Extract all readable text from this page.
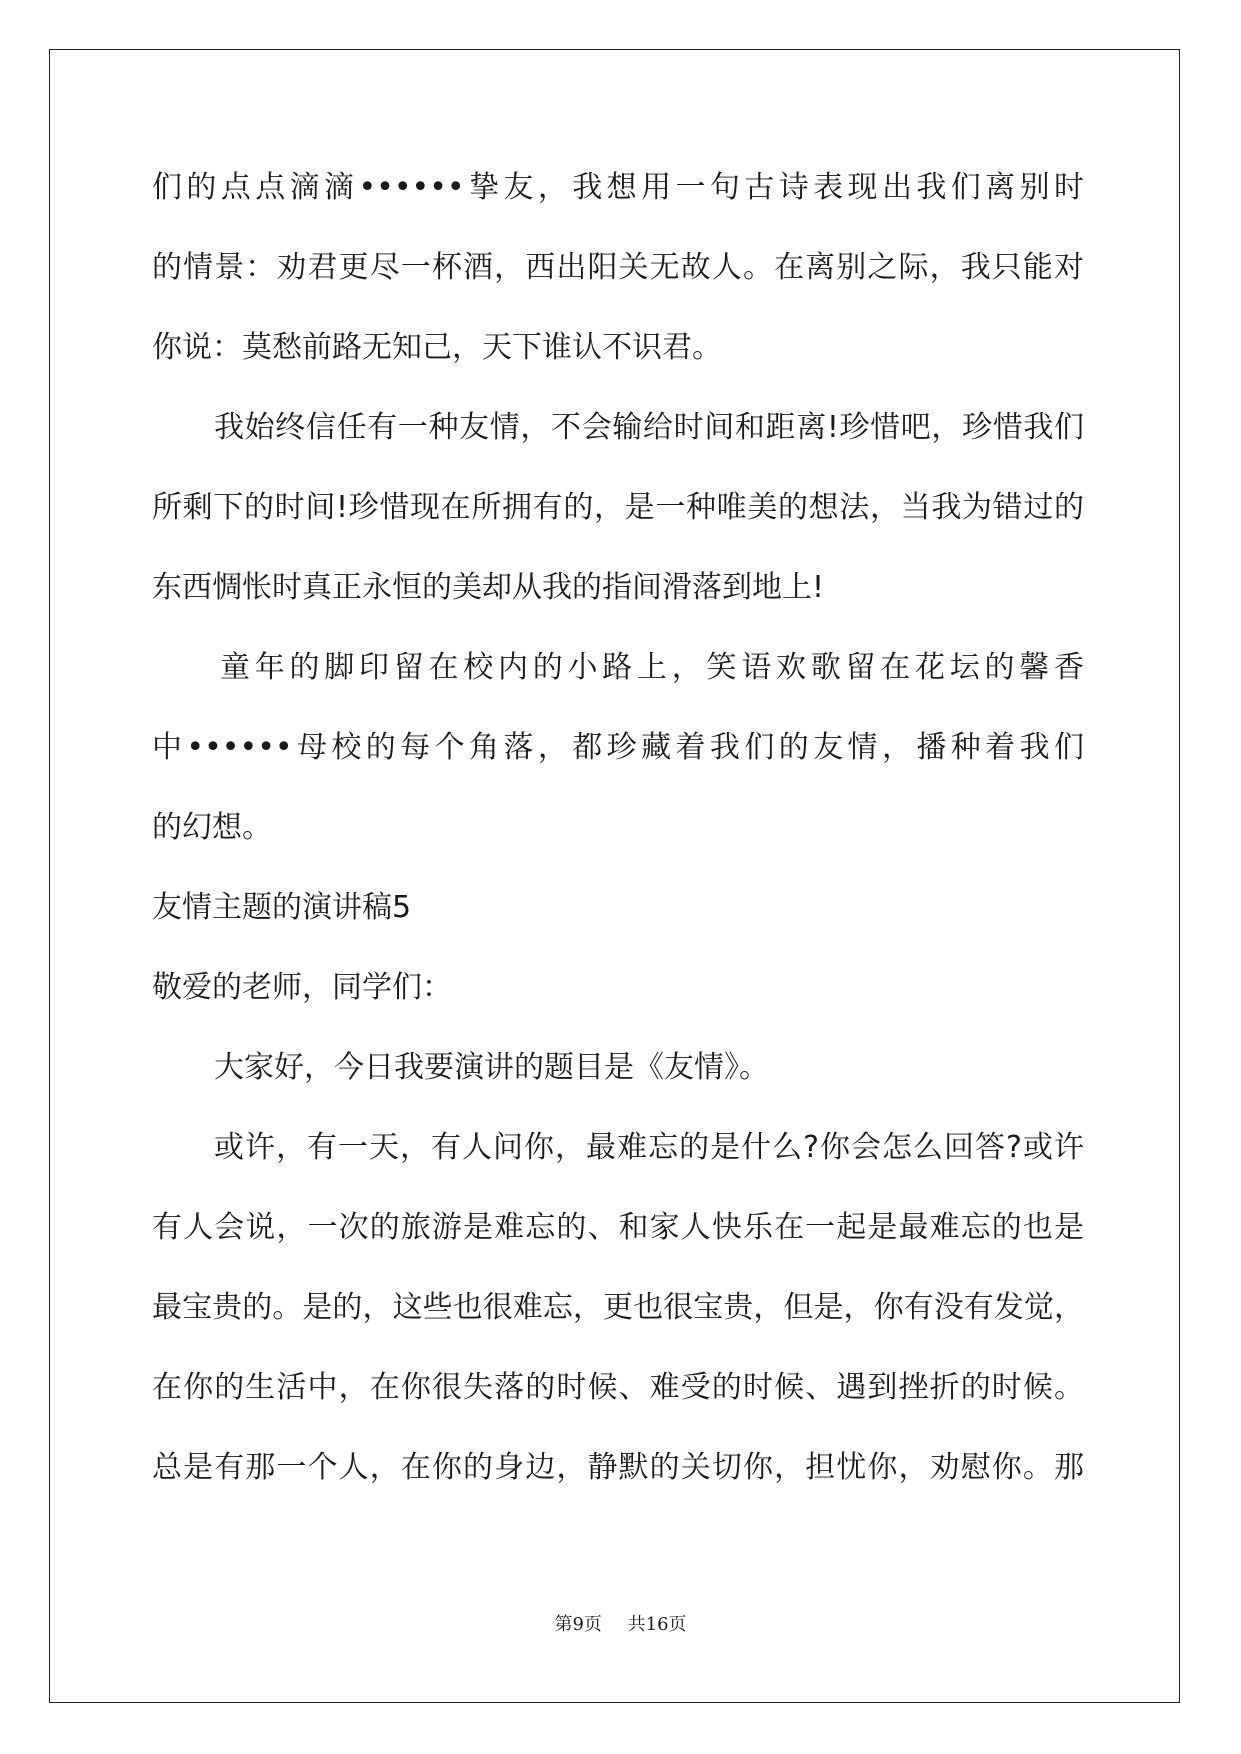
们的点点滴滴••••••挚友，我想用一句古诗表现出我们离别时
的情景：劝君更尽一杯酒，西出阳关无故人。在离别之际，我只能对
你说：莫愁前路无知己，天下谁认不识君。
我始终信任有一种友情，不会输给时间和距离!珍惜吧，珍惜我们
所剩下的时间!珍惜现在所拥有的，是一种唯美的想法，当我为错过的
东西惆怅时真正永恒的美却从我的指间滑落到地上!
童年的脚印留在校内的小路上，笑语欢歌留在花坛的馨香
中••••••母校的每个角落，都珍藏着我们的友情，播种着我们
的幻想。
友情主题的演讲稿5
敬爱的老师，同学们：
大家好，今日我要演讲的题目是《友情》。
或许，有一天，有人问你，最难忘的是什么?你会怎么回答?或许
有人会说，一次的旅游是难忘的、和家人快乐在一起是最难忘的也是
最宝贵的。是的，这些也很难忘，更也很宝贵，但是，你有没有发觉，
在你的生活中，在你很失落的时候、难受的时候、遇到挫折的时候。
总是有那一个人，在你的身边，静默的关切你，担忧你，劝慰你。那
第9页 共16页
